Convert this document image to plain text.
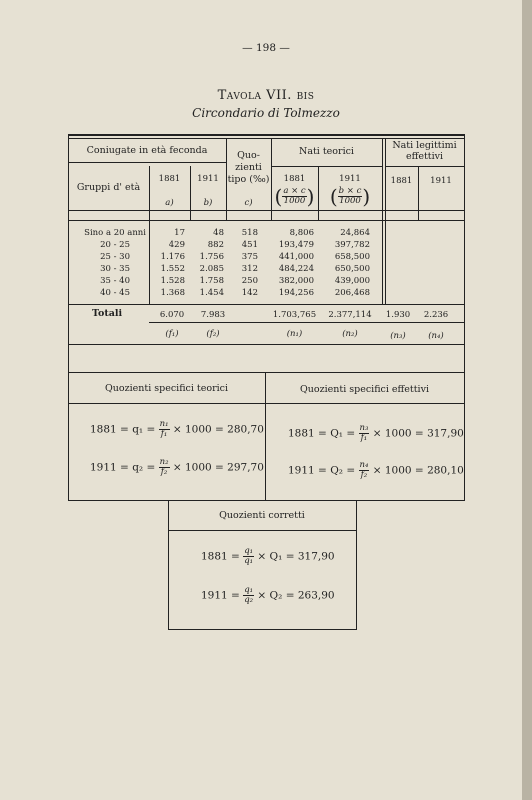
— 198 —
Tavola VII. bis
Circondario di Tolmezzo
Coniugate in età feconda	Quo-
zienti
tipo (‰)
Nati teorici
Nati legittimi effettivi
Gruppi d' età
1881	1911
a)	b)	c)
1881	1911	1881	1911
( $\frac{a \times c}{1000}$ ) ( $\frac{b \times c}{1000}$ )
Sino a 20 anni	17	48	518	8,806	24,864
20 - 25	429	882	451	193,479	397,782
25 - 30	1.176	1.756	375	441,000	658,500
30 - 35	1.552	2.085	312	484,224	650,500
35 - 40	1.528	1.758	250	382,000	439,000
40 - 45	1.368	1.454	142	194,256	206,468
Totali	6.070	7.983	1.703,765	2.377,114	1.930	2.236
(f₁)	(f₂)	(n₁)	(n₂)	(n₃)	(n₄)
Quozienti specifici teorici	Quozienti specifici effettivi
$1881 = q_1 = \frac{\text{n₁}}{\text{f₁}} \times 1000 = 280,70$
$1911 = q_2 = \frac{\text{n₂}}{\text{f₂}} \times 1000 = 297,70$
$1881 = Q_1 = \frac{\text{n₃}}{\text{f₁}} \times 1000 = 317,90$
$1911 = Q_2 = \frac{\text{n₄}}{\text{f₂}} \times 1000 = 280,10$
Quozienti corretti
$1881 = \frac{\text{q₁}}{\text{q₁}} \times Q_1 = 317,90$
$1911 = \frac{\text{q₁}}{\text{q₂}} \times Q_2 = 263,90$
